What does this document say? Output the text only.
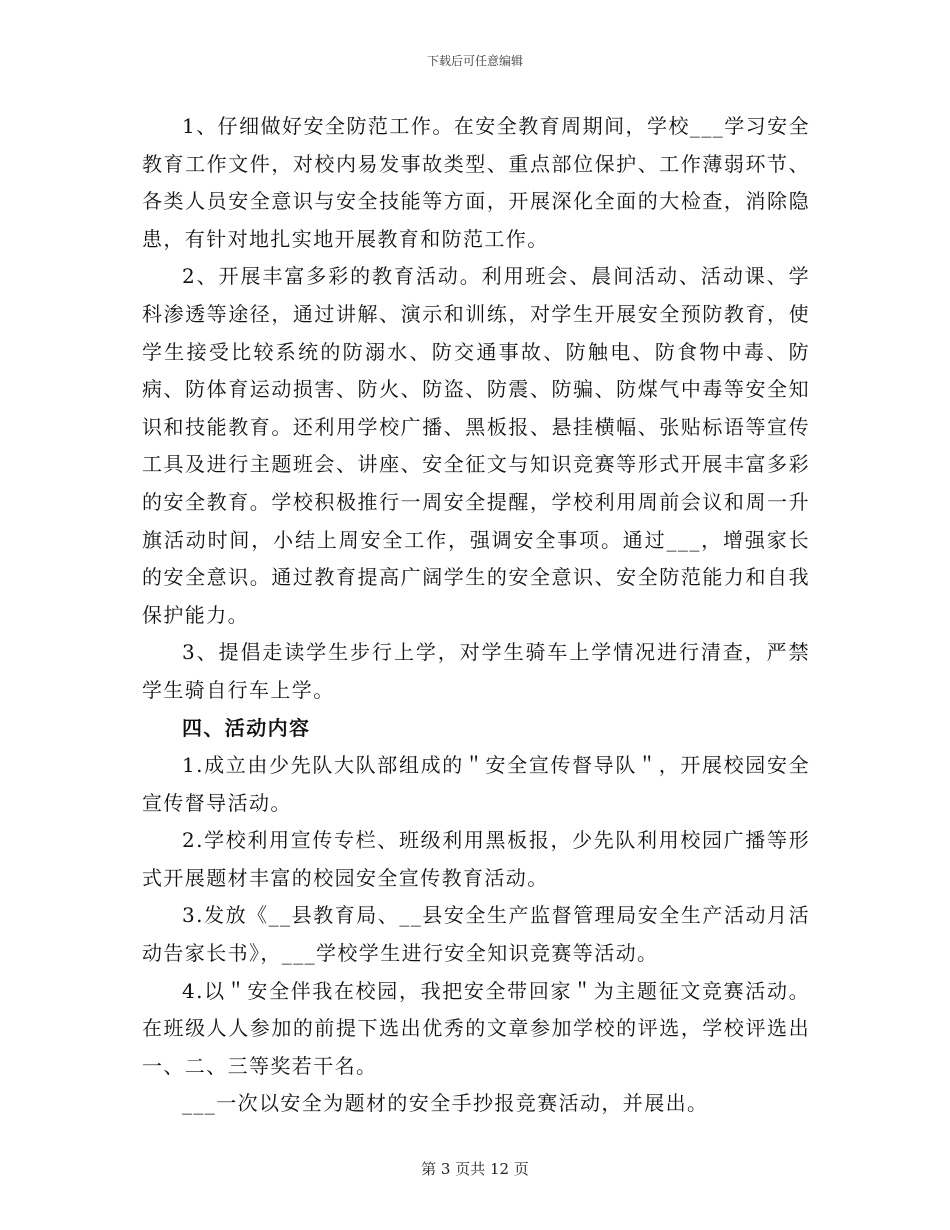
下载后可任意编辑

1、仔细做好安全防范工作。在安全教育周期间，学校___学习安全教育工作文件，对校内易发事故类型、重点部位保护、工作薄弱环节、各类人员安全意识与安全技能等方面，开展深化全面的大检查，消除隐患，有针对地扎实地开展教育和防范工作。

2、开展丰富多彩的教育活动。利用班会、晨间活动、活动课、学科渗透等途径，通过讲解、演示和训练，对学生开展安全预防教育，使学生接受比较系统的防溺水、防交通事故、防触电、防食物中毒、防病、防体育运动损害、防火、防盗、防震、防骗、防煤气中毒等安全知识和技能教育。还利用学校广播、黑板报、悬挂横幅、张贴标语等宣传工具及进行主题班会、讲座、安全征文与知识竞赛等形式开展丰富多彩的安全教育。学校积极推行一周安全提醒，学校利用周前会议和周一升旗活动时间，小结上周安全工作，强调安全事项。通过___，增强家长的安全意识。通过教育提高广阔学生的安全意识、安全防范能力和自我保护能力。

3、提倡走读学生步行上学，对学生骑车上学情况进行清查，严禁学生骑自行车上学。

四、活动内容

1.成立由少先队大队部组成的＂安全宣传督导队＂，开展校园安全宣传督导活动。

2.学校利用宣传专栏、班级利用黑板报，少先队利用校园广播等形式开展题材丰富的校园安全宣传教育活动。

3.发放《__县教育局、__县安全生产监督管理局安全生产活动月活动告家长书》，___学校学生进行安全知识竞赛等活动。

4.以＂安全伴我在校园，我把安全带回家＂为主题征文竞赛活动。在班级人人参加的前提下选出优秀的文章参加学校的评选，学校评选出一、二、三等奖若干名。

___一次以安全为题材的安全手抄报竞赛活动，并展出。

第 3 页共 12 页
